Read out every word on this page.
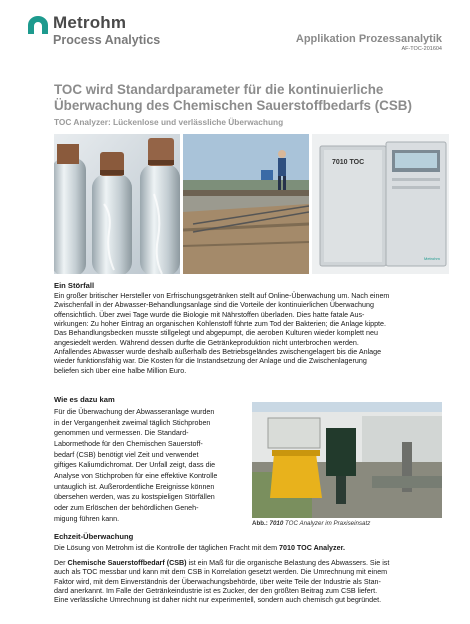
Metrohm
Process Analytics	Applikation Prozessanalytik
AF-TOC-201604
TOC wird Standardparameter für die kontinuierliche Überwachung des Chemischen Sauerstoffbedarfs (CSB)
TOC Analyzer: Lückenlose und verlässliche Überwachung
7010 TOC
Metrohm
Ein Störfall
Ein großer britischer Hersteller von Erfrischungsgetränken stellt auf Online-Überwachung um. Nach einem
Zwischenfall in der Abwasser-Behandlungsanlage sind die Vorteile der kontinuierlichen Überwachung
offensichtlich. Über zwei Tage wurde die Biologie mit Nährstoffen überladen. Dies hatte fatale Aus-
wirkungen: Zu hoher Eintrag an organischen Kohlenstoff führte zum Tod der Bakterien; die Anlage kippte.
Das Behandlungsbecken musste stillgelegt und abgepumpt, die aeroben Kulturen wieder komplett neu
angesiedelt werden. Während dessen durfte die Getränkeproduktion nicht unterbrochen werden.
Anfallendes Abwasser wurde deshalb außerhalb des Betriebsgeländes zwischengelagert bis die Anlage
wieder funktionsfähig war. Die Kosten für die Instandsetzung der Anlage und die Zwischenlagerung
beliefen sich über eine halbe Million Euro.
Wie es dazu kam
Für die Überwachung der Abwasseranlage wurden
in der Vergangenheit zweimal täglich Stichproben
genommen und vermessen. Die Standard-
Labormethode für den Chemischen Sauerstoff-
bedarf (CSB) benötigt viel Zeit und verwendet
giftiges Kaliumdichromat. Der Unfall zeigt, dass die
Analyse von Stichproben für eine effektive Kontrolle
untauglich ist. Außerordentliche Ereignisse können
übersehen werden, was zu kostspieligen Störfällen
oder zum Erlöschen der behördlichen Geneh-
migung führen kann.
Abb.: 7010 TOC Analyzer im Praxiseinsatz
Echzeit-Überwachung
Die Lösung von Metrohm ist die Kontrolle der täglichen Fracht mit dem 7010 TOC Analyzer.
Der Chemische Sauerstoffbedarf (CSB) ist ein Maß für die organische Belastung des Abwassers. Sie ist
auch als TOC messbar und kann mit dem CSB in Korrelation gesetzt werden. Die Umrechnung mit einem
Faktor wird, mit dem Einverständnis der Überwachungsbehörde, über weite Teile der Industrie als Stan-
dard anerkannt. Im Falle der Getränkeindustrie ist es Zucker, der den größten Beitrag zum CSB liefert.
Eine verlässliche Umrechnung ist daher nicht nur experimentell, sondern auch chemisch gut begründet.
